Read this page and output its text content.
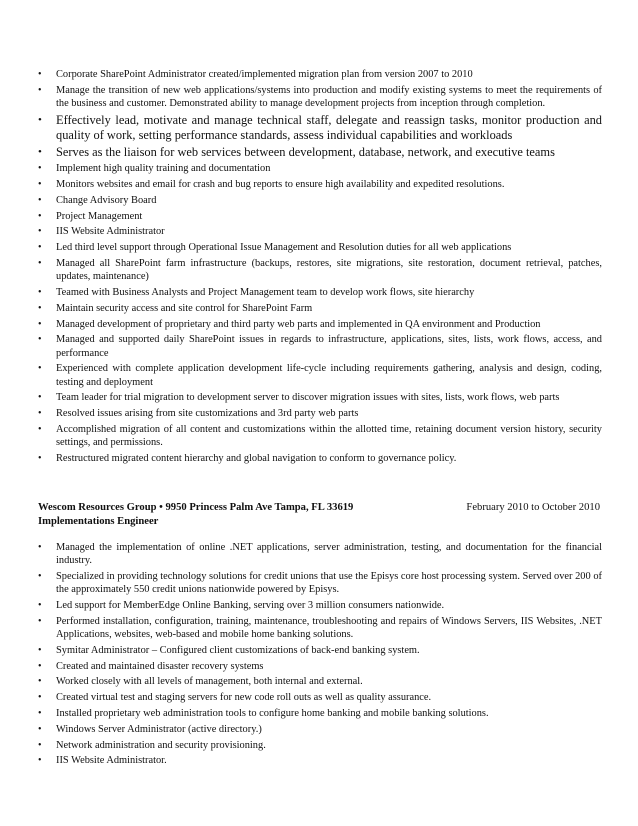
• Corporate SharePoint Administrator created/implemented migration plan from version 2007 to 2010
• Manage the transition of new web applications/systems into production and modify existing systems to meet the requirements of the business and customer. Demonstrated ability to manage development projects from inception through completion.
• Effectively lead, motivate and manage technical staff, delegate and reassign tasks, monitor production and quality of work, setting performance standards, assess individual capabilities and workloads
• Serves as the liaison for web services between development, database, network, and executive teams
• Implement high quality training and documentation
• Monitors websites and email for crash and bug reports to ensure high availability and expedited resolutions.
• Change Advisory Board
• Project Management
• IIS Website Administrator
• Led third level support through Operational Issue Management and Resolution duties for all web applications
• Managed all SharePoint farm infrastructure (backups, restores, site migrations, site restoration, document retrieval, patches, updates, maintenance)
• Teamed with Business Analysts and Project Management team to develop work flows, site hierarchy
• Maintain security access and site control for SharePoint Farm
• Managed development of proprietary and third party web parts and implemented in QA environment and Production
• Managed and supported daily SharePoint issues in regards to infrastructure, applications, sites, lists, work flows, access, and performance
• Experienced with complete application development life-cycle including requirements gathering, analysis and design, coding, testing and deployment
• Team leader for trial migration to development server to discover migration issues with sites, lists, work flows, web parts
• Resolved issues arising from site customizations and 3rd party web parts
• Accomplished migration of all content and customizations within the allotted time, retaining document version history, security settings, and permissions.
• Restructured migrated content hierarchy and global navigation to conform to governance policy.
Wescom Resources Group • 9950 Princess Palm Ave Tampa, FL 33619	February 2010 to October 2010
Implementations Engineer
• Managed the implementation of online .NET applications, server administration, testing, and documentation for the financial industry.
• Specialized in providing technology solutions for credit unions that use the Episys core host processing system. Served over 200 of the approximately 550 credit unions nationwide powered by Episys.
• Led support for MemberEdge Online Banking, serving over 3 million consumers nationwide.
• Performed installation, configuration, training, maintenance, troubleshooting and repairs of Windows Servers, IIS Websites, .NET Applications, websites, web-based and mobile home banking solutions.
• Symitar Administrator – Configured client customizations of back-end banking system.
• Created and maintained disaster recovery systems
• Worked closely with all levels of management, both internal and external.
• Created virtual test and staging servers for new code roll outs as well as quality assurance.
• Installed proprietary web administration tools to configure home banking and mobile banking solutions.
• Windows Server Administrator (active directory.)
• Network administration and security provisioning.
• IIS Website Administrator.
